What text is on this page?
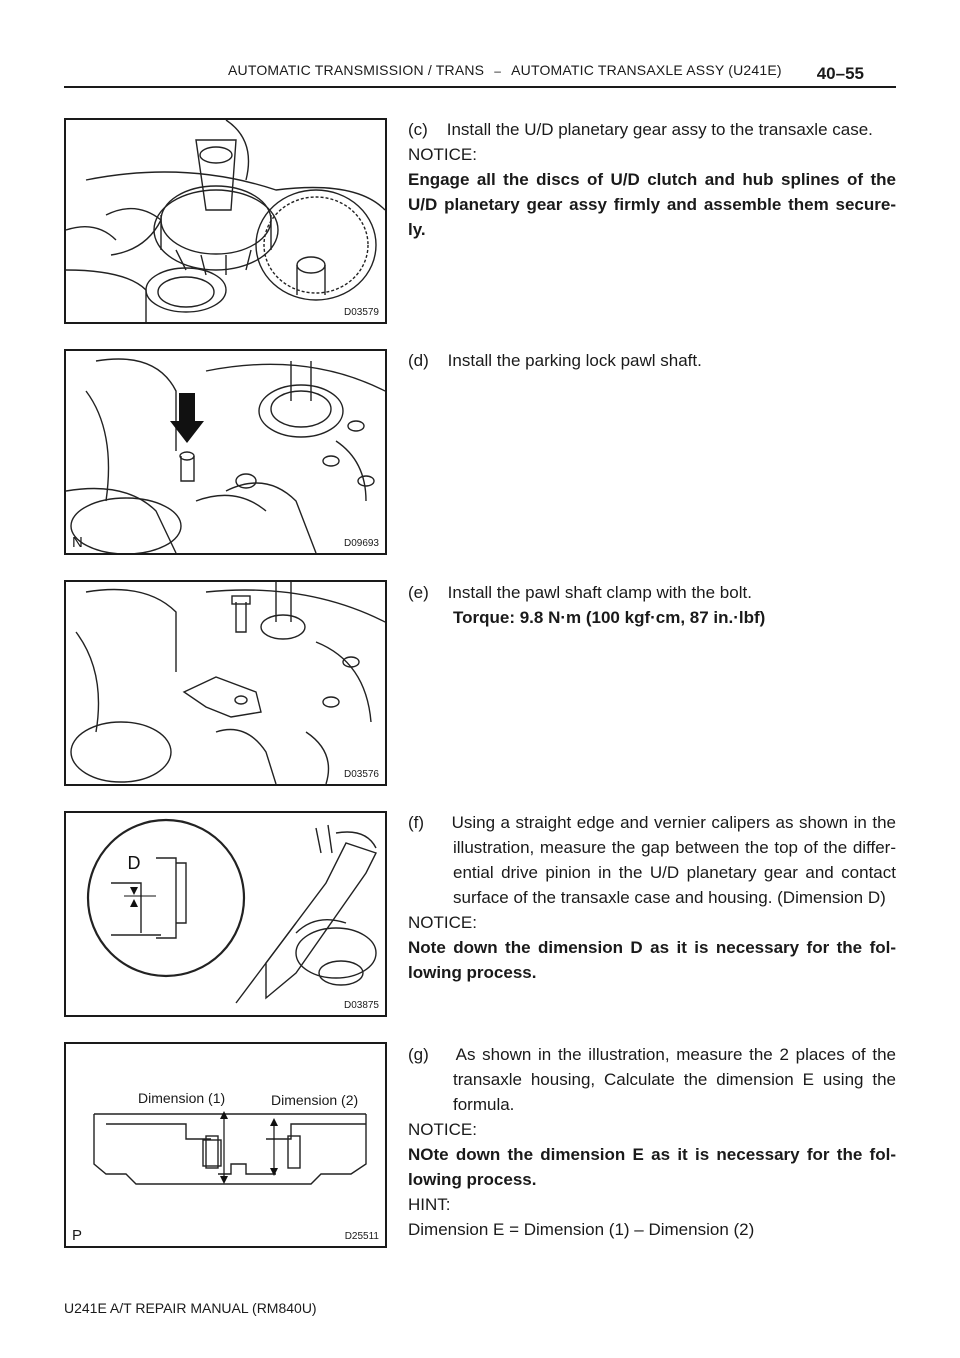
AUTOMATIC TRANSMISSION / TRANS – AUTOMATIC TRANSAXLE ASSY (U241E) 40–55
D03579
N	D09693
D03576
D
D03875
Dimension (1)	Dimension (2)
P	D25511

(c)    Install the U/D planetary gear assy to the transaxle case.

NOTICE:

Engage all the discs of U/D clutch and hub splines of the U/D planetary gear assy firmly and assemble them secure-ly.

(d)    Install the parking lock pawl shaft.

(e)    Install the pawl shaft clamp with the bolt.

Torque: 9.8 N·m (100 kgf·cm, 87 in.·lbf)

(f)     Using a straight edge and vernier calipers as shown in the illustration, measure the gap between the top of the differ-ential drive pinion in the U/D planetary gear and contact surface of the transaxle case and housing. (Dimension D)

NOTICE:

Note down the dimension D as it is necessary for the fol-lowing process.

(g)    As shown in the illustration, measure the 2 places of the transaxle housing, Calculate the dimension E using the formula.

NOTICE:

NOte down the dimension E as it is necessary for the fol-lowing process.

HINT:

Dimension E = Dimension (1) – Dimension (2)

U241E A/T REPAIR MANUAL (RM840U)
